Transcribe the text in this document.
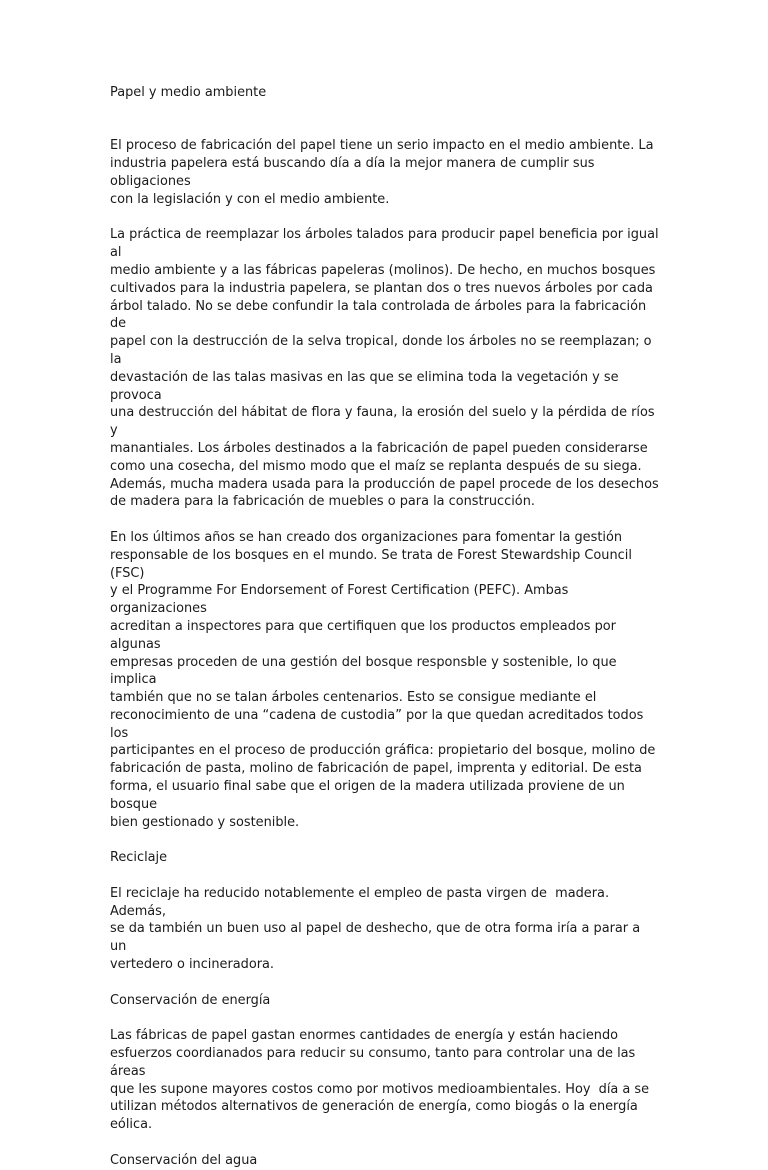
Papel y medio ambiente

El proceso de fabricación del papel tiene un serio impacto en el medio ambiente. La
industria papelera está buscando día a día la mejor manera de cumplir sus obligaciones
con la legislación y con el medio ambiente.

La práctica de reemplazar los árboles talados para producir papel beneficia por igual al
medio ambiente y a las fábricas papeleras (molinos). De hecho, en muchos bosques
cultivados para la industria papelera, se plantan dos o tres nuevos árboles por cada
árbol talado. No se debe confundir la tala controlada de árboles para la fabricación de
papel con la destrucción de la selva tropical, donde los árboles no se reemplazan; o la
devastación de las talas masivas en las que se elimina toda la vegetación y se provoca
una destrucción del hábitat de flora y fauna, la erosión del suelo y la pérdida de ríos y
manantiales. Los árboles destinados a la fabricación de papel pueden considerarse
como una cosecha, del mismo modo que el maíz se replanta después de su siega.
Además, mucha madera usada para la producción de papel procede de los desechos
de madera para la fabricación de muebles o para la construcción.

En los últimos años se han creado dos organizaciones para fomentar la gestión
responsable de los bosques en el mundo. Se trata de Forest Stewardship Council (FSC)
y el Programme For Endorsement of Forest Certification (PEFC). Ambas organizaciones
acreditan a inspectores para que certifiquen que los productos empleados por algunas
empresas proceden de una gestión del bosque responsble y sostenible, lo que implica
también que no se talan árboles centenarios. Esto se consigue mediante el
reconocimiento de una “cadena de custodia” por la que quedan acreditados todos los
participantes en el proceso de producción gráfica: propietario del bosque, molino de
fabricación de pasta, molino de fabricación de papel, imprenta y editorial. De esta
forma, el usuario final sabe que el origen de la madera utilizada proviene de un bosque
bien gestionado y sostenible.

Reciclaje

El reciclaje ha reducido notablemente el empleo de pasta virgen de  madera. Además,
se da también un buen uso al papel de deshecho, que de otra forma iría a parar a un
vertedero o incineradora.

Conservación de energía

Las fábricas de papel gastan enormes cantidades de energía y están haciendo
esfuerzos coordianados para reducir su consumo, tanto para controlar una de las áreas
que les supone mayores costos como por motivos medioambientales. Hoy  día a se
utilizan métodos alternativos de generación de energía, como biogás o la energía
eólica.

Conservación del agua
